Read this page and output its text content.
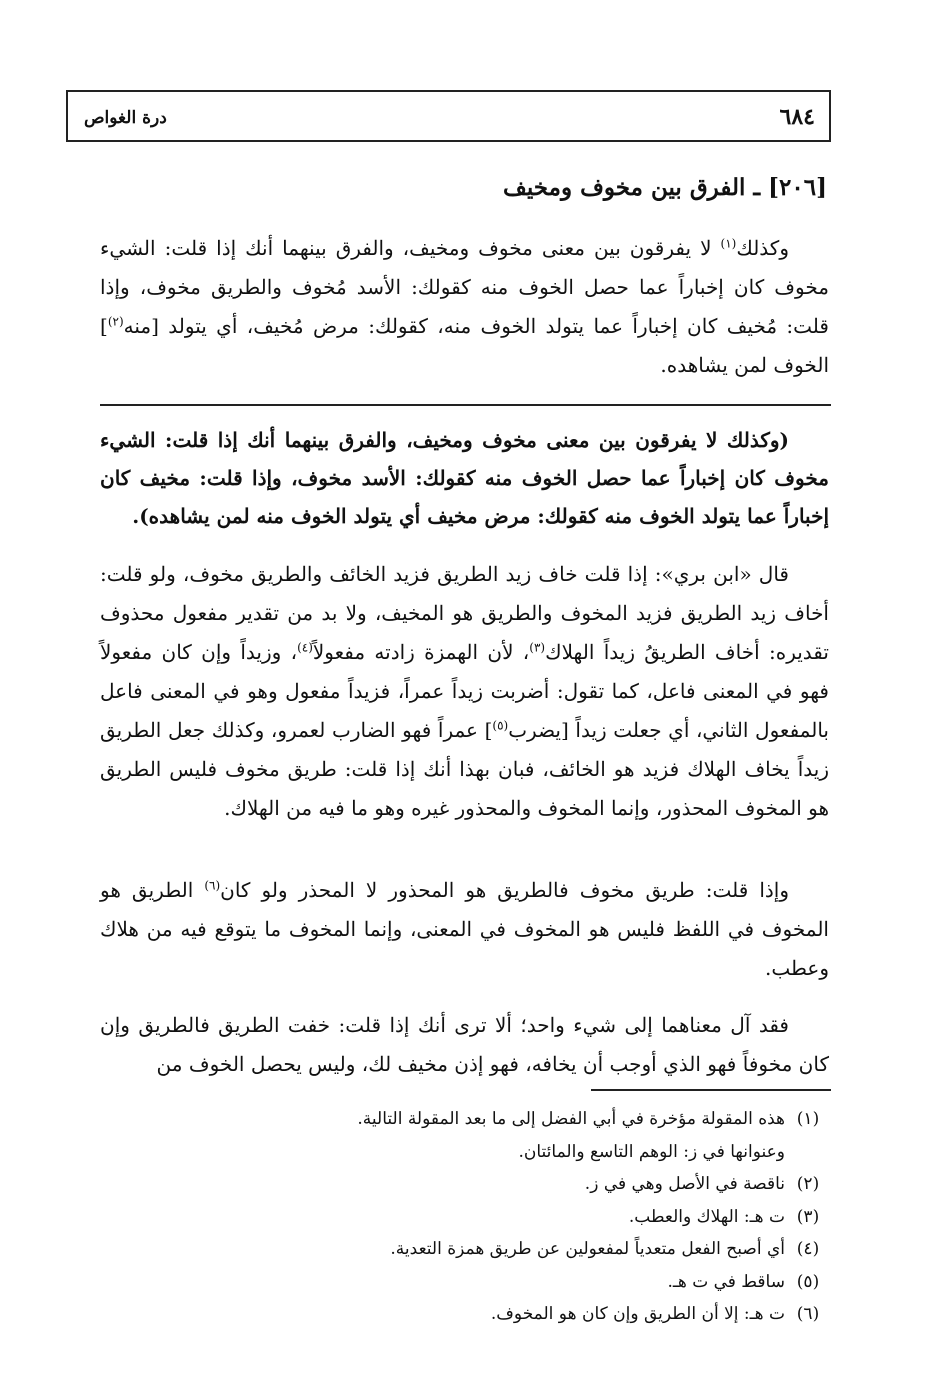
٦٨٤
درة الغواص
[٢٠٦] ـ الفرق بين مخوف ومخيف
وكذلك$^{(١)}$ لا يفرقون بين معنى مخوف ومخيف، والفرق بينهما أنك إذا قلت: الشيء مخوف كان إخباراً عما حصل الخوف منه كقولك: الأسد مُخوف والطريق مخوف، وإذا قلت: مُخيف كان إخباراً عما يتولد الخوف منه، كقولك: مرض مُخيف، أي يتولد [منه$^{(٢)}$] الخوف لمن يشاهده.
(وكذلك لا يفرقون بين معنى مخوف ومخيف، والفرق بينهما أنك إذا قلت: الشيء مخوف كان إخباراً عما حصل الخوف منه كقولك: الأسد مخوف، وإذا قلت: مخيف كان إخباراً عما يتولد الخوف منه كقولك: مرض مخيف أي يتولد الخوف منه لمن يشاهده).
قال «ابن بري»: إذا قلت خاف زيد الطريق فزيد الخائف والطريق مخوف، ولو قلت: أخاف زيد الطريق فزيد المخوف والطريق هو المخيف، ولا بد من تقدير مفعول محذوف تقديره: أخاف الطريقُ زيداً الهلاك$^{(٣)}$، لأن الهمزة زادته مفعولاً$^{(٤)}$، وزيداً وإن كان مفعولاً فهو في المعنى فاعل، كما تقول: أضربت زيداً عمراً، فزيداً مفعول وهو في المعنى فاعل بالمفعول الثاني، أي جعلت زيداً [يضرب$^{(٥)}$] عمراً فهو الضارب لعمرو، وكذلك جعل الطريق زيداً يخاف الهلاك فزيد هو الخائف، فبان بهذا أنك إذا قلت: طريق مخوف فليس الطريق هو المخوف المحذور، وإنما المخوف والمحذور غيره وهو ما فيه من الهلاك.
وإذا قلت: طريق مخوف فالطريق هو المحذور لا المحذر ولو كان$^{(٦)}$ الطريق هو المخوف في اللفظ فليس هو المخوف في المعنى، وإنما المخوف ما يتوقع فيه من هلاك وعطب.
فقد آل معناهما إلى شيء واحد؛ ألا ترى أنك إذا قلت: خفت الطريق فالطريق وإن كان مخوفاً فهو الذي أوجب أن يخافه، فهو إذن مخيف لك، وليس يحصل الخوف من
(١)
هذه المقولة مؤخرة في أبي الفضل إلى ما بعد المقولة التالية.
وعنوانها في ز: الوهم التاسع والمائتان.
(٢)
ناقصة في الأصل وهي في ز.
(٣)
ت هـ: الهلاك والعطب.
(٤)
أي أصبح الفعل متعدياً لمفعولين عن طريق همزة التعدية.
(٥)
ساقط في ت هـ.
(٦)
ت هـ: إلا أن الطريق وإن كان هو المخوف.
